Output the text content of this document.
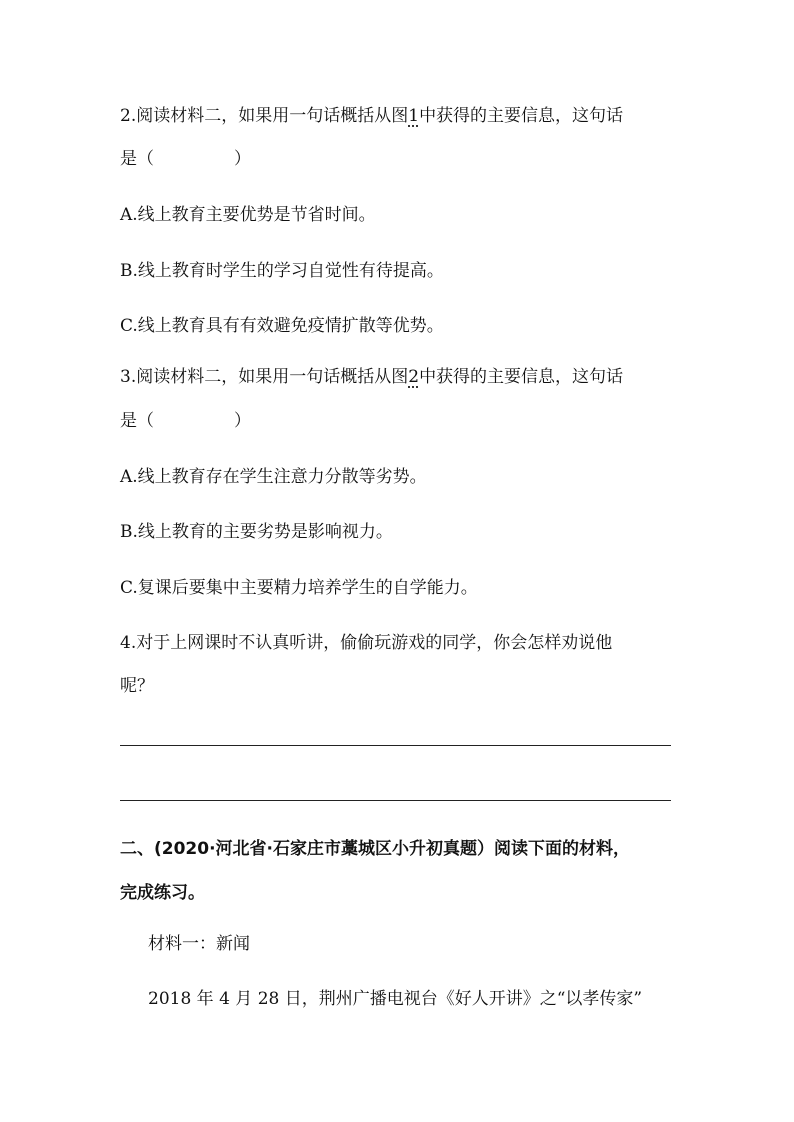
2.阅读材料二，如果用一句话概括从图1中获得的主要信息，这句话
是（	）
A.线上教育主要优势是节省时间。
B.线上教育时学生的学习自觉性有待提高。
C.线上教育具有有效避免疫情扩散等优势。
3.阅读材料二，如果用一句话概括从图2中获得的主要信息，这句话
是（	）
A.线上教育存在学生注意力分散等劣势。
B.线上教育的主要劣势是影响视力。
C.复课后要集中主要精力培养学生的自学能力。
4.对于上网课时不认真听讲，偷偷玩游戏的同学，你会怎样劝说他
呢？
二、(2020·河北省·石家庄市藁城区小升初真题）阅读下面的材料，
完成练习。
材料一：新闻
2018 年 4 月 28 日，荆州广播电视台《好人开讲》之“以孝传家”
